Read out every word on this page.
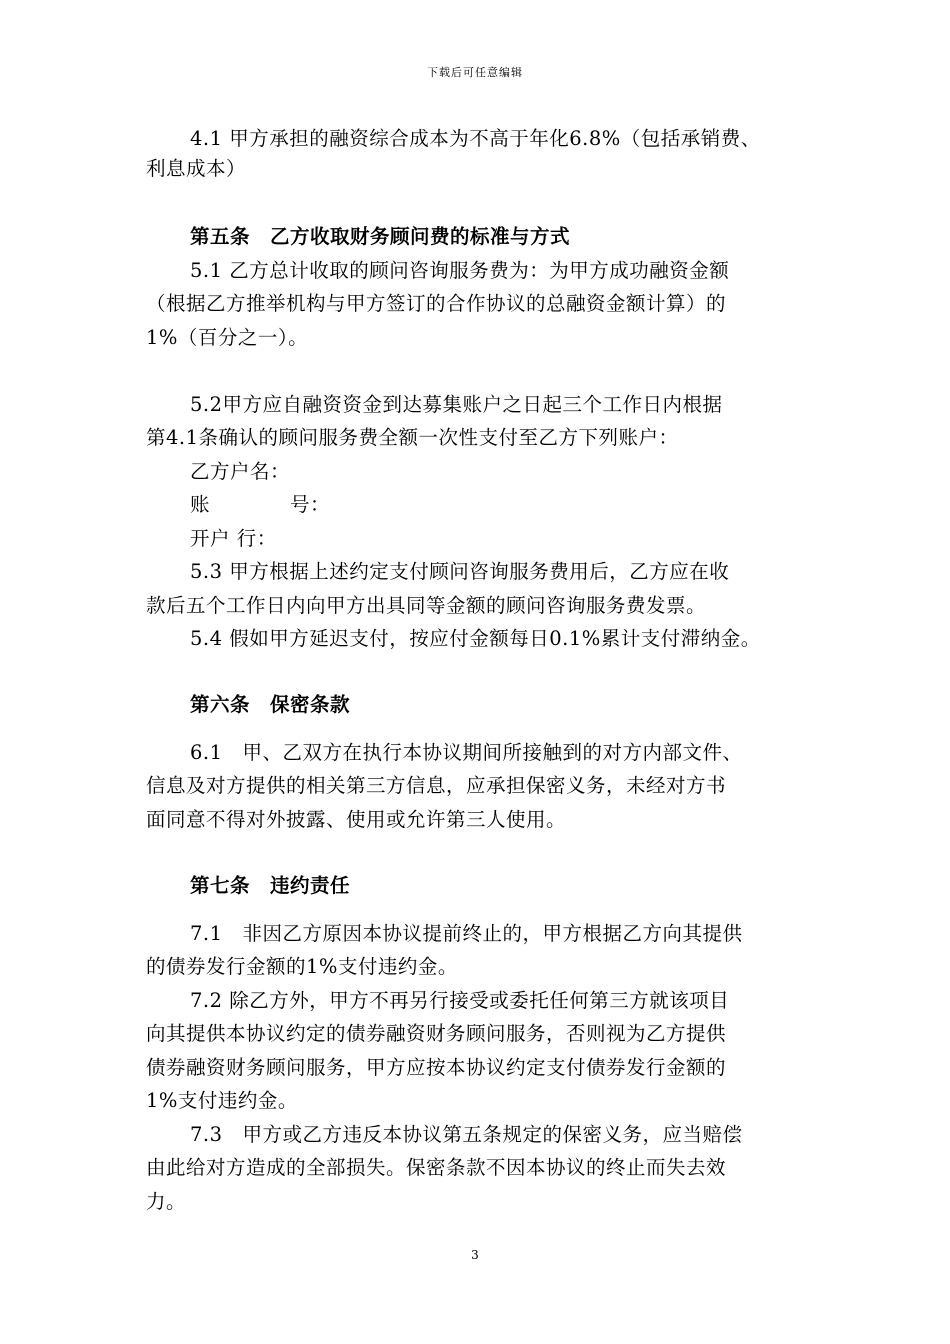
下载后可任意编辑
4.1 甲方承担的融资综合成本为不高于年化6.8%（包括承销费、
利息成本）
第五条　乙方收取财务顾问费的标准与方式
5.1 乙方总计收取的顾问咨询服务费为：为甲方成功融资金额
（根据乙方推举机构与甲方签订的合作协议的总融资金额计算）的
1%（百分之一）。
5.2甲方应自融资资金到达募集账户之日起三个工作日内根据
第4.1条确认的顾问服务费全额一次性支付至乙方下列账户：
乙方户名：
账　　　　号：
开户 行：
5.3 甲方根据上述约定支付顾问咨询服务费用后，乙方应在收
款后五个工作日内向甲方出具同等金额的顾问咨询服务费发票。
5.4 假如甲方延迟支付，按应付金额每日0.1%累计支付滞纳金。
第六条　保密条款
6.1　甲、乙双方在执行本协议期间所接触到的对方内部文件、
信息及对方提供的相关第三方信息，应承担保密义务，未经对方书
面同意不得对外披露、使用或允许第三人使用。
第七条　违约责任
7.1　非因乙方原因本协议提前终止的，甲方根据乙方向其提供
的债券发行金额的1%支付违约金。
7.2 除乙方外，甲方不再另行接受或委托任何第三方就该项目
向其提供本协议约定的债券融资财务顾问服务，否则视为乙方提供
债券融资财务顾问服务，甲方应按本协议约定支付债券发行金额的
1%支付违约金。
7.3　甲方或乙方违反本协议第五条规定的保密义务，应当赔偿
由此给对方造成的全部损失。保密条款不因本协议的终止而失去效
力。
3
